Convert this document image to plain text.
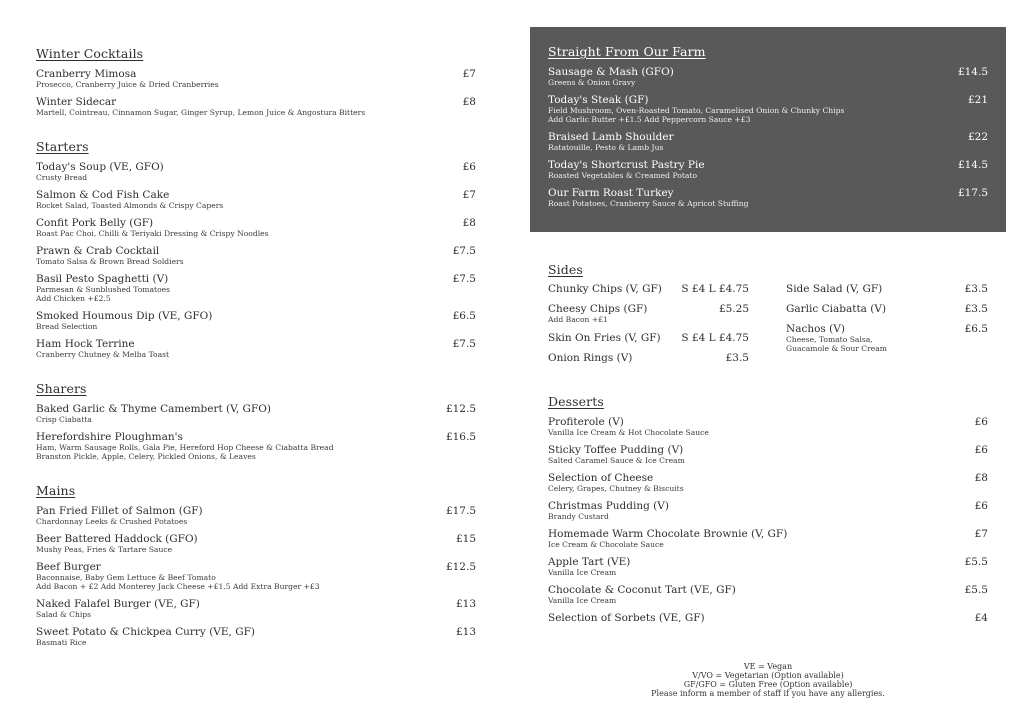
Winter Cocktails
Cranberry Mimosa
Prosecco, Cranberry Juice & Dried Cranberries
£7
Winter Sidecar
Martell, Cointreau, Cinnamon Sugar, Ginger Syrup, Lemon Juice & Angostura Bitters
£8
Starters
Today's Soup (VE, GFO)
Crusty Bread
£6
Salmon & Cod Fish Cake
Rocket Salad, Toasted Almonds & Crispy Capers
£7
Confit Pork Belly (GF)
Roast Pac Choi, Chilli & Teriyaki Dressing & Crispy Noodles
£8
Prawn & Crab Cocktail
Tomato Salsa & Brown Bread Soldiers
£7.5
Basil Pesto Spaghetti (V)
Parmesan & Sunblushed Tomatoes
Add Chicken +£2.5
£7.5
Smoked Houmous Dip (VE, GFO)
Bread Selection
£6.5
Ham Hock Terrine
Cranberry Chutney & Melba Toast
£7.5
Sharers
Baked Garlic & Thyme Camembert (V, GFO)
Crisp Ciabatta
£12.5
Herefordshire Ploughman's
Ham, Warm Sausage Rolls, Gala Pie, Hereford Hop Cheese & Ciabatta Bread
Branston Pickle, Apple, Celery, Pickled Onions, & Leaves
£16.5
Mains
Pan Fried Fillet of Salmon (GF)
Chardonnay Leeks & Crushed Potatoes
£17.5
Beer Battered Haddock (GFO)
Mushy Peas, Fries & Tartare Sauce
£15
Beef Burger
Baconnaise, Baby Gem Lettuce & Beef Tomato
Add Bacon + £2 Add Monterey Jack Cheese +£1.5 Add Extra Burger +£3
£12.5
Naked Falafel Burger (VE, GF)
Salad & Chips
£13
Sweet Potato & Chickpea Curry (VE, GF)
Basmati Rice
£13
Straight From Our Farm
Sausage & Mash (GFO)
Greens & Onion Gravy
£14.5
Today's Steak (GF)
Field Mushroom, Oven-Roasted Tomato, Caramelised Onion & Chunky Chips
Add Garlic Butter +£1.5 Add Peppercorn Sauce +£3
£21
Braised Lamb Shoulder
Ratatouille, Pesto & Lamb Jus
£22
Today's Shortcrust Pastry Pie
Roasted Vegetables & Creamed Potato
£14.5
Our Farm Roast Turkey
Roast Potatoes, Cranberry Sauce & Apricot Stuffing
£17.5
Sides
Chunky Chips (V, GF)	S £4 L £4.75
Cheesy Chips (GF)
Add Bacon +£1
£5.25
Skin On Fries (V, GF)	S £4 L £4.75
Onion Rings (V)	£3.5
Side Salad (V, GF)	£3.5
Garlic Ciabatta (V)	£3.5
Nachos (V)
Cheese, Tomato Salsa,
Guacamole & Sour Cream
£6.5
Desserts
Profiterole (V)
Vanilla Ice Cream & Hot Chocolate Sauce
£6
Sticky Toffee Pudding (V)
Salted Caramel Sauce & Ice Cream
£6
Selection of Cheese
Celery, Grapes, Chutney & Biscuits
£8
Christmas Pudding (V)
Brandy Custard
£6
Homemade Warm Chocolate Brownie (V, GF)
Ice Cream & Chocolate Sauce
£7
Apple Tart (VE)
Vanilla Ice Cream
£5.5
Chocolate & Coconut Tart (VE, GF)
Vanilla Ice Cream
£5.5
Selection of Sorbets (VE, GF)	£4
VE = Vegan
V/VO = Vegetarian (Option available)
GF/GFO = Gluten Free (Option available)
Please inform a member of staff if you have any allergies.
